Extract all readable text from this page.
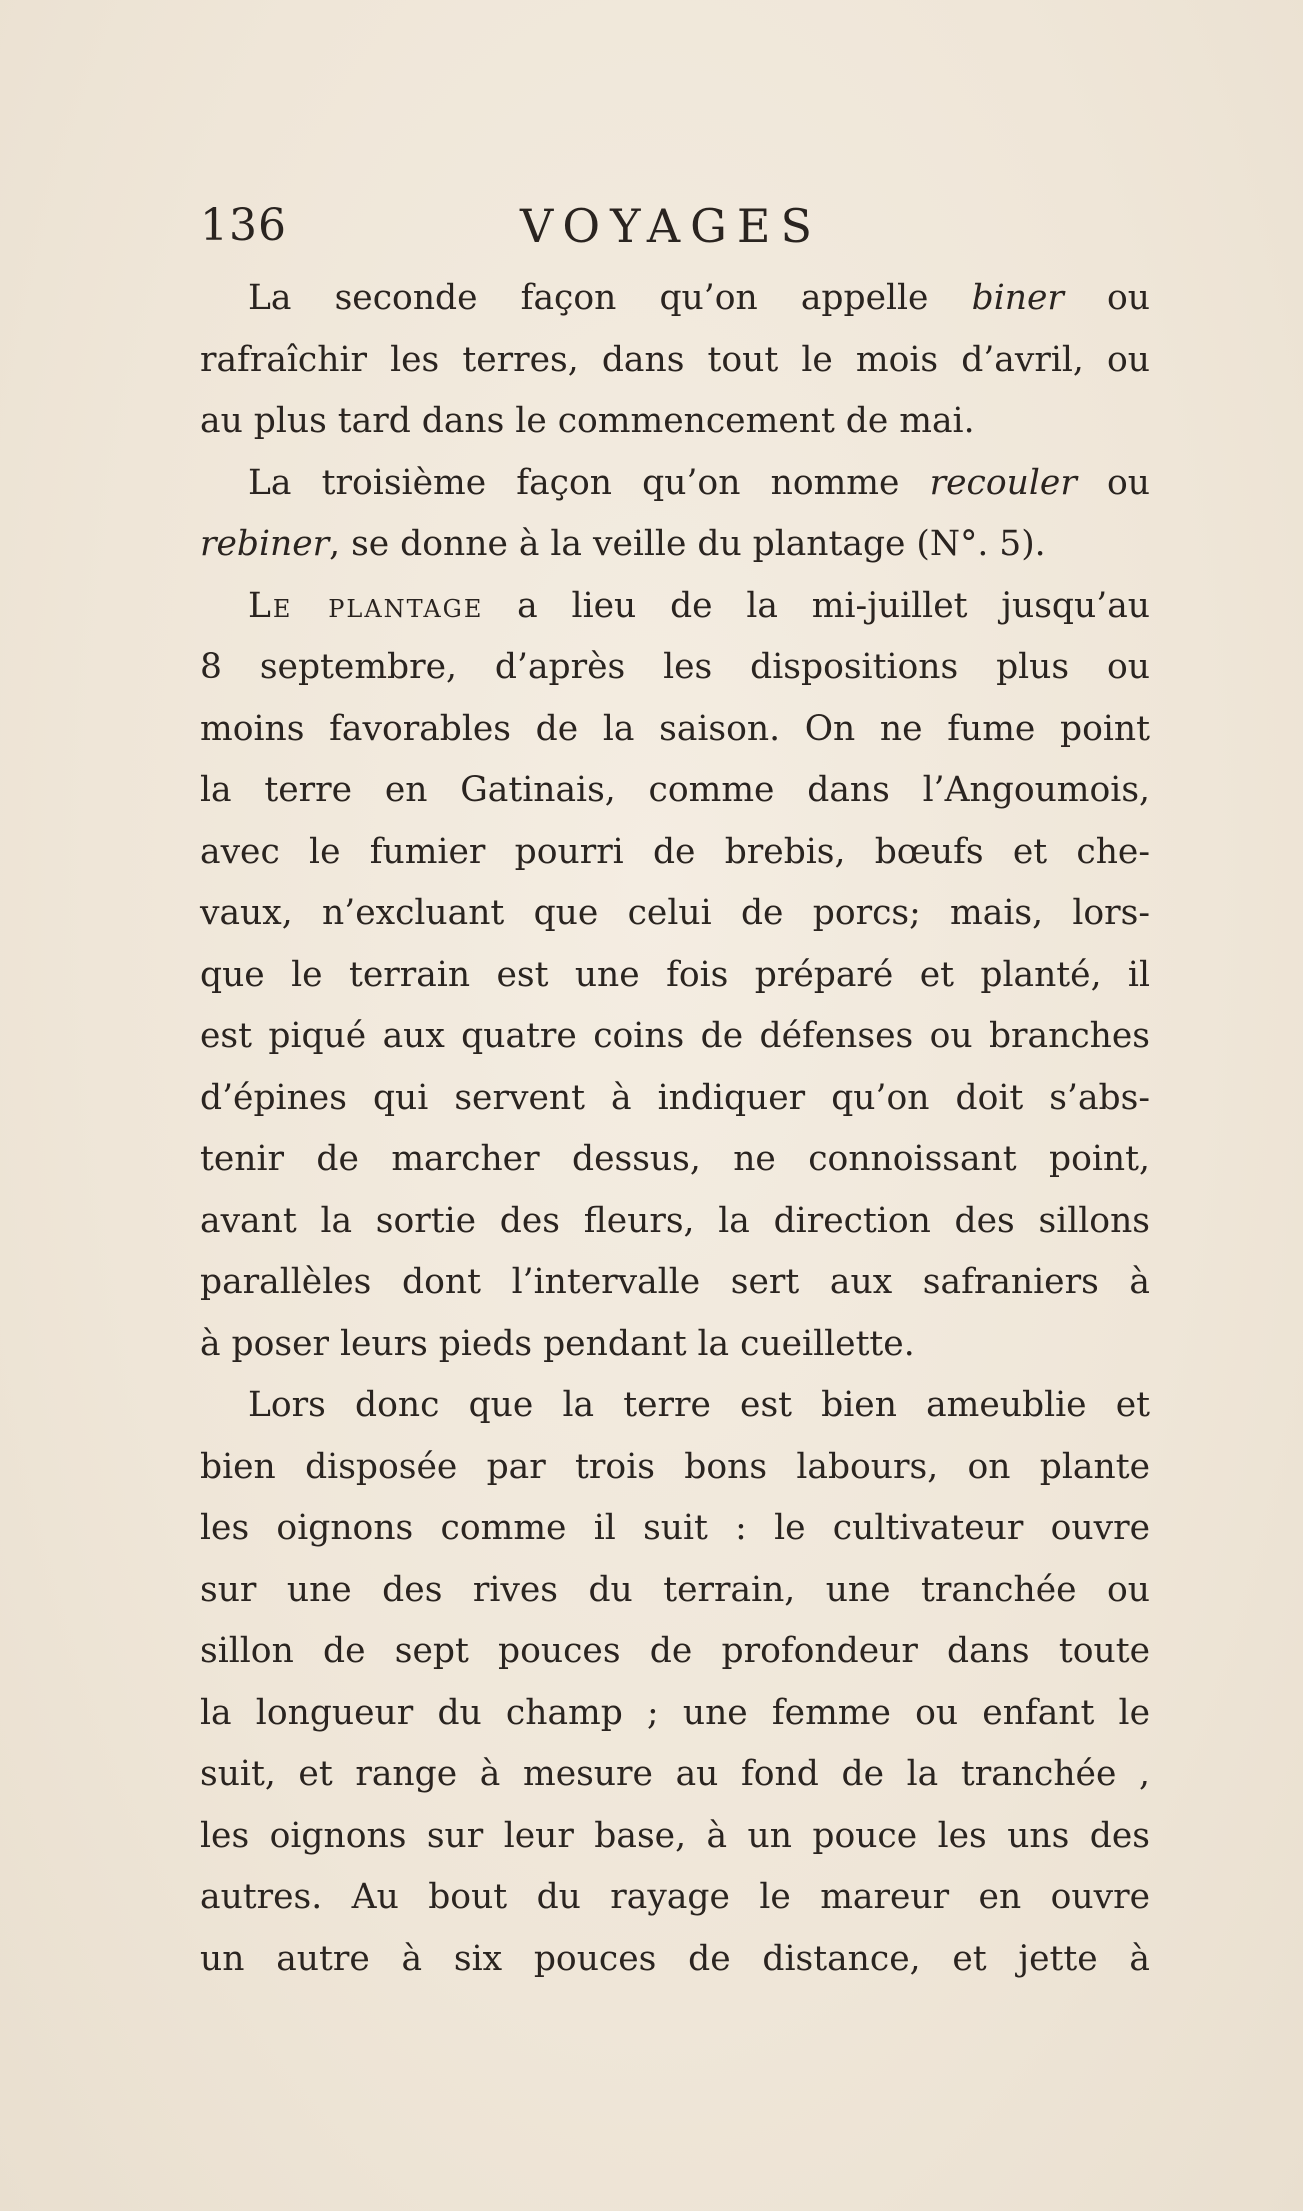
136	VOYAGES
La seconde façon qu’on appelle biner ou
rafraîchir les terres, dans tout le mois d’avril, ou
au plus tard dans le commencement de mai.
La troisième façon qu’on nomme recouler ou
rebiner, se donne à la veille du plantage (N°. 5).
Le plantage a lieu de la mi-juillet jusqu’au
8 septembre, d’après les dispositions plus ou
moins favorables de la saison. On ne fume point
la terre en Gatinais, comme dans l’Angoumois,
avec le fumier pourri de brebis, bœufs et che-
vaux, n’excluant que celui de porcs; mais, lors-
que le terrain est une fois préparé et planté, il
est piqué aux quatre coins de défenses ou branches
d’épines qui servent à indiquer qu’on doit s’abs-
tenir de marcher dessus, ne connoissant point,
avant la sortie des fleurs, la direction des sillons
parallèles dont l’intervalle sert aux safraniers à
à poser leurs pieds pendant la cueillette.
Lors donc que la terre est bien ameublie et
bien disposée par trois bons labours, on plante
les oignons comme il suit : le cultivateur ouvre
sur une des rives du terrain, une tranchée ou
sillon de sept pouces de profondeur dans toute
la longueur du champ ; une femme ou enfant le
suit, et range à mesure au fond de la tranchée ,
les oignons sur leur base, à un pouce les uns des
autres. Au bout du rayage le mareur en ouvre
un autre à six pouces de distance, et jette à
